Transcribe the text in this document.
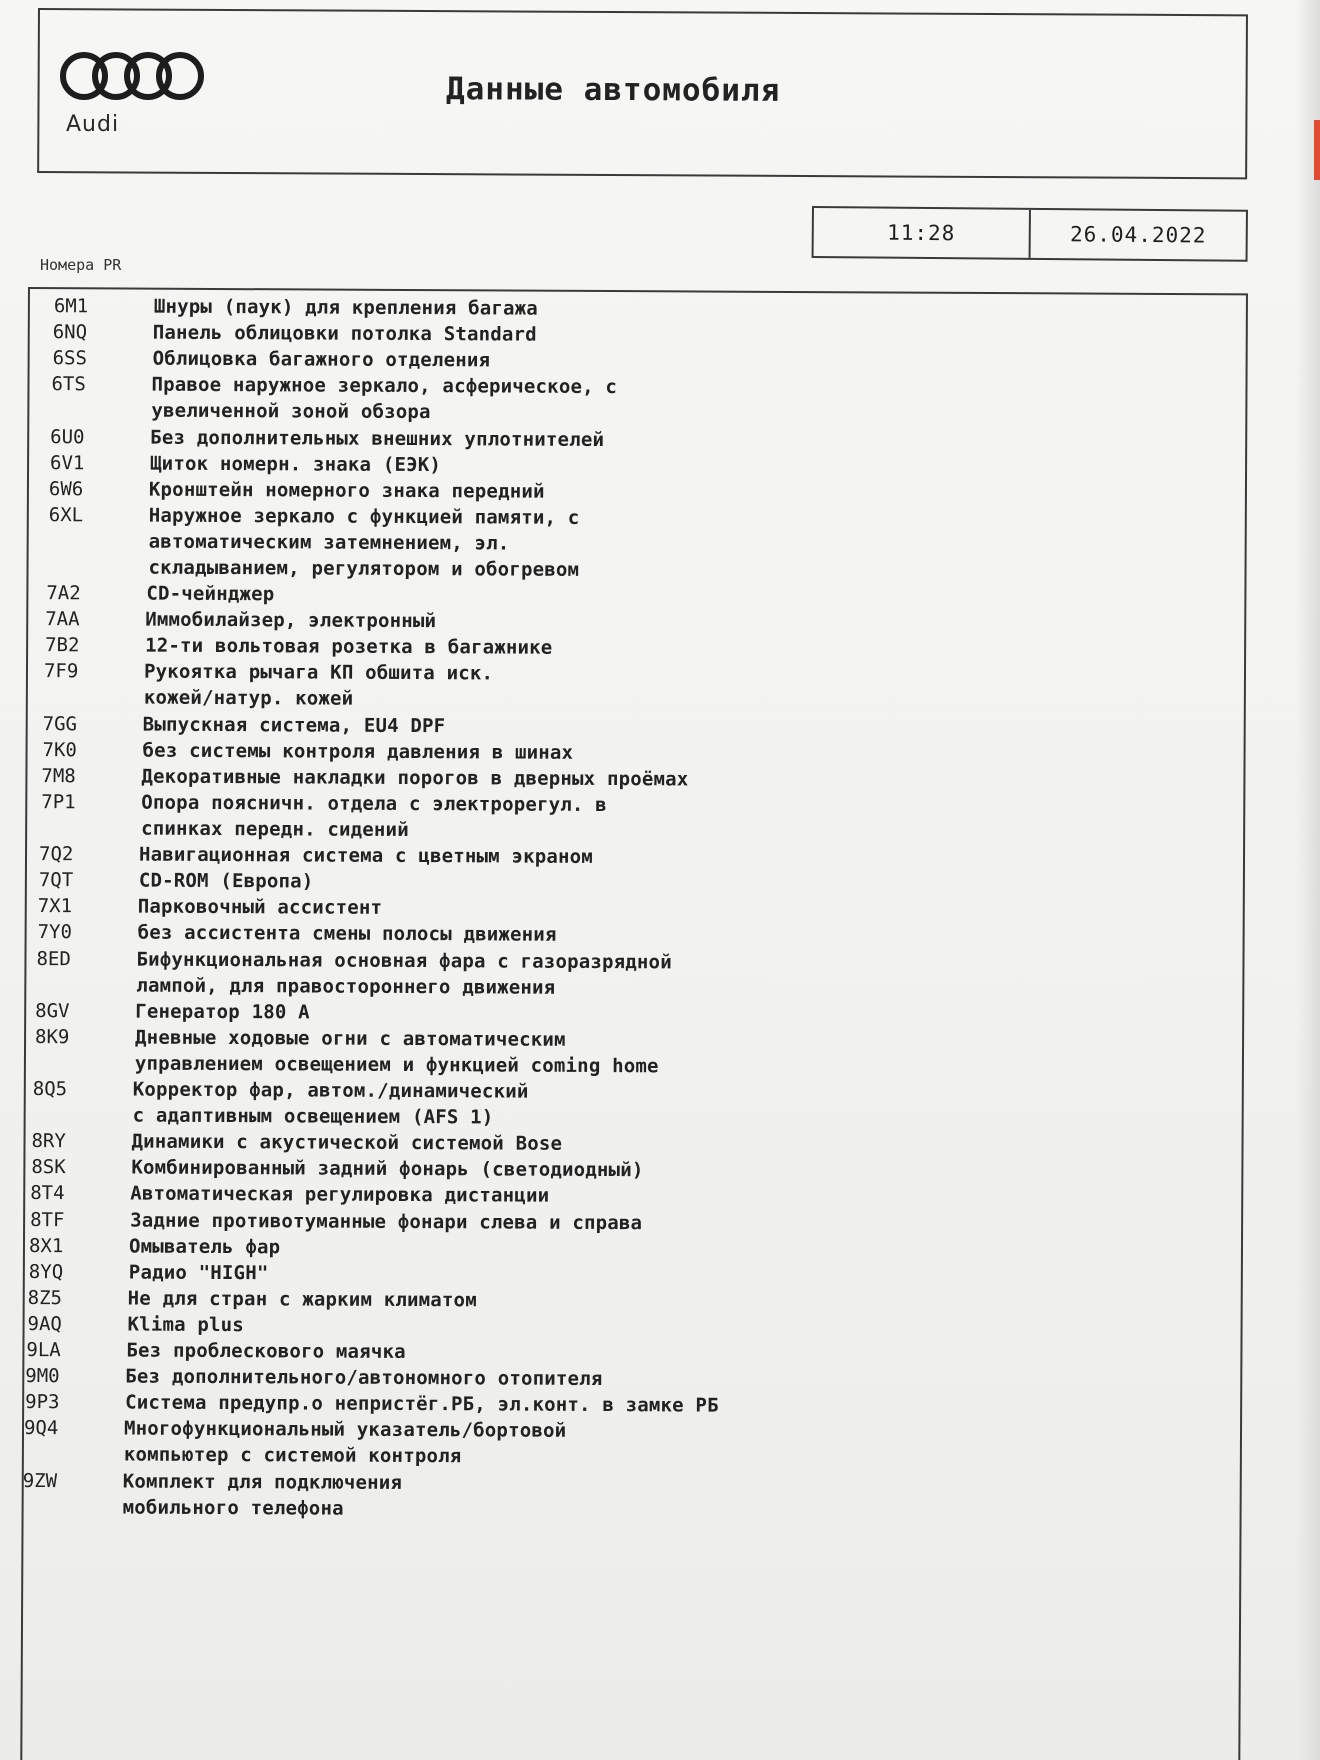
Audi
Данные автомобиля
11:28	26.04.2022
Номера PR
6M1	Шнуры (паук) для крепления багажа
6NQ	Панель облицовки потолка Standard
6SS	Облицовка багажного отделения
6TS	Правое наружное зеркало, асферическое, с
увеличенной зоной обзора
6U0	Без дополнительных внешних уплотнителей
6V1	Щиток номерн. знака (ЕЭК)
6W6	Кронштейн номерного знака передний
6XL	Наружное зеркало с функцией памяти, с
автоматическим затемнением, эл.
складыванием, регулятором и обогревом
7A2	CD-чейнджер
7AA	Иммобилайзер, электронный
7B2	12-ти вольтовая розетка в багажнике
7F9	Рукоятка рычага КП обшита иск.
кожей/натур. кожей
7GG	Выпускная система, EU4 DPF
7K0	без системы контроля давления в шинах
7M8	Декоративные накладки порогов в дверных проёмах
7P1	Опора поясничн. отдела с электрорегул. в
спинках передн. сидений
7Q2	Навигационная система с цветным экраном
7QT	CD-ROM (Европа)
7X1	Парковочный ассистент
7Y0	без ассистента смены полосы движения
8ED	Бифункциональная основная фара с газоразрядной
лампой, для правостороннего движения
8GV	Генератор 180 А
8K9	Дневные ходовые огни с автоматическим
управлением освещением и функцией coming home
8Q5	Корректор фар, автом./динамический
с адаптивным освещением (AFS 1)
8RY	Динамики с акустической системой Bose
8SK	Комбинированный задний фонарь (светодиодный)
8T4	Автоматическая регулировка дистанции
8TF	Задние противотуманные фонари слева и справа
8X1	Омыватель фар
8YQ	Радио "HIGH"
8Z5	Не для стран с жарким климатом
9AQ	Klima plus
9LA	Без проблескового маячка
9M0	Без дополнительного/автономного отопителя
9P3	Система предупр.о непристёг.РБ, эл.конт. в замке РБ
9Q4	Многофункциональный указатель/бортовой
компьютер с системой контроля
9ZW	Комплект для подключения
мобильного телефона
